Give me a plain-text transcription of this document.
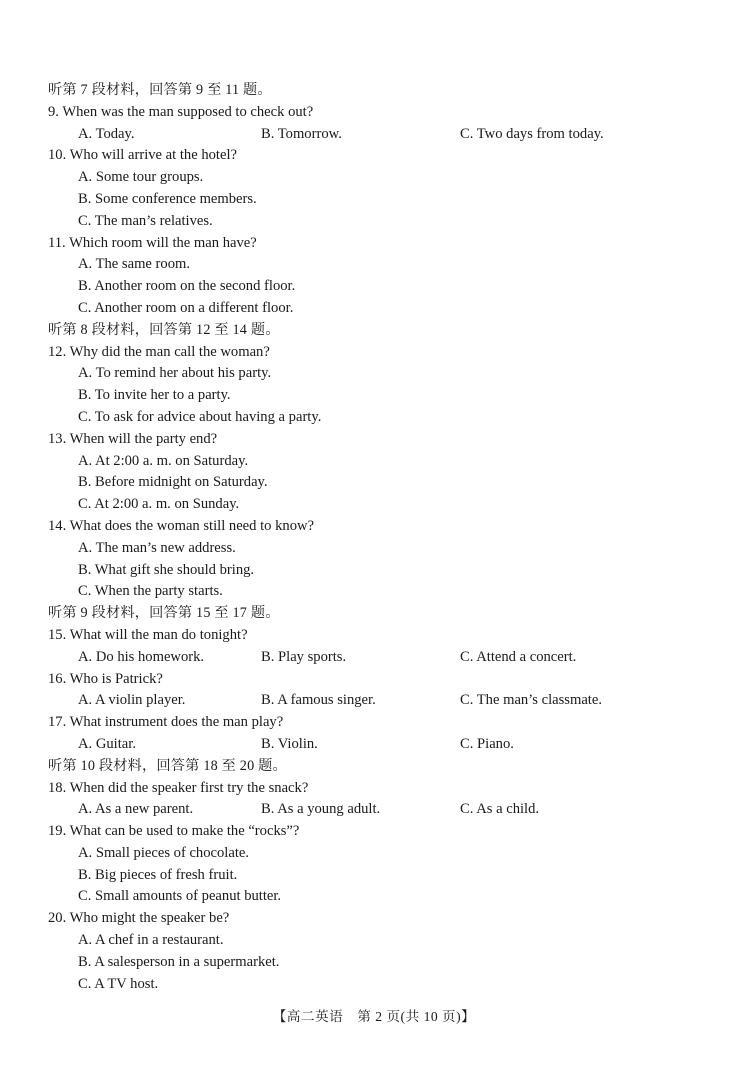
听第 7 段材料，回答第 9 至 11 题。
9. When was the man supposed to check out?
A. Today.	B. Tomorrow.	C. Two days from today.
10. Who will arrive at the hotel?
A. Some tour groups.
B. Some conference members.
C. The man’s relatives.
11. Which room will the man have?
A. The same room.
B. Another room on the second floor.
C. Another room on a different floor.
听第 8 段材料，回答第 12 至 14 题。
12. Why did the man call the woman?
A. To remind her about his party.
B. To invite her to a party.
C. To ask for advice about having a party.
13. When will the party end?
A. At 2:00 a. m. on Saturday.
B. Before midnight on Saturday.
C. At 2:00 a. m. on Sunday.
14. What does the woman still need to know?
A. The man’s new address.
B. What gift she should bring.
C. When the party starts.
听第 9 段材料，回答第 15 至 17 题。
15. What will the man do tonight?
A. Do his homework.	B. Play sports.	C. Attend a concert.
16. Who is Patrick?
A. A violin player.	B. A famous singer.	C. The man’s classmate.
17. What instrument does the man play?
A. Guitar.	B. Violin.	C. Piano.
听第 10 段材料，回答第 18 至 20 题。
18. When did the speaker first try the snack?
A. As a new parent.	B. As a young adult.	C. As a child.
19. What can be used to make the “rocks”?
A. Small pieces of chocolate.
B. Big pieces of fresh fruit.
C. Small amounts of peanut butter.
20. Who might the speaker be?
A. A chef in a restaurant.
B. A salesperson in a supermarket.
C. A TV host.
【高二英语　第 2 页(共 10 页)】
